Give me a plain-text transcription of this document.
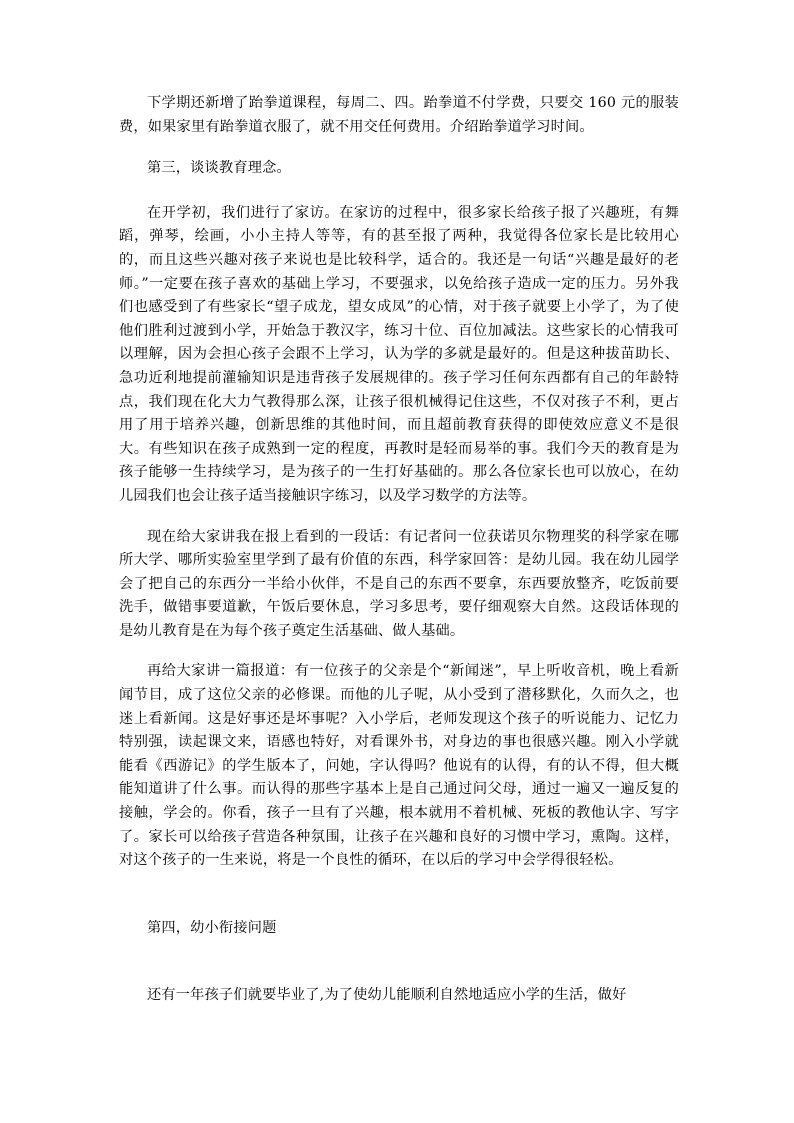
下学期还新增了跆拳道课程，每周二、四。跆拳道不付学费，只要交 160 元的服装费，如果家里有跆拳道衣服了，就不用交任何费用。介绍跆拳道学习时间。

第三，谈谈教育理念。

在开学初，我们进行了家访。在家访的过程中，很多家长给孩子报了兴趣班，有舞蹈，弹琴，绘画，小小主持人等等，有的甚至报了两种，我觉得各位家长是比较用心的，而且这些兴趣对孩子来说也是比较科学，适合的。我还是一句话“兴趣是最好的老师。”一定要在孩子喜欢的基础上学习，不要强求，以免给孩子造成一定的压力。另外我们也感受到了有些家长“望子成龙，望女成凤”的心情，对于孩子就要上小学了，为了使他们胜利过渡到小学，开始急于教汉字，练习十位、百位加减法。这些家长的心情我可以理解，因为会担心孩子会跟不上学习，认为学的多就是最好的。但是这种拔苗助长、急功近利地提前灌输知识是违背孩子发展规律的。孩子学习任何东西都有自己的年龄特点，我们现在化大力气教得那么深，让孩子很机械得记住这些，不仅对孩子不利，更占用了用于培养兴趣，创新思维的其他时间，而且超前教育获得的即使效应意义不是很大。有些知识在孩子成熟到一定的程度，再教时是轻而易举的事。我们今天的教育是为孩子能够一生持续学习，是为孩子的一生打好基础的。那么各位家长也可以放心，在幼儿园我们也会让孩子适当接触识字练习，以及学习数学的方法等。

现在给大家讲我在报上看到的一段话：有记者问一位获诺贝尔物理奖的科学家在哪所大学、哪所实验室里学到了最有价值的东西，科学家回答：是幼儿园。我在幼儿园学会了把自己的东西分一半给小伙伴，不是自己的东西不要拿，东西要放整齐，吃饭前要洗手，做错事要道歉，午饭后要休息，学习多思考，要仔细观察大自然。这段话体现的是幼儿教育是在为每个孩子奠定生活基础、做人基础。

再给大家讲一篇报道：有一位孩子的父亲是个“新闻迷”，早上听收音机，晚上看新闻节目，成了这位父亲的必修课。而他的儿子呢，从小受到了潜移默化，久而久之，也迷上看新闻。这是好事还是坏事呢？入小学后，老师发现这个孩子的听说能力、记忆力特别强，读起课文来，语感也特好，对看课外书，对身边的事也很感兴趣。刚入小学就能看《西游记》的学生版本了，问她，字认得吗？他说有的认得，有的认不得，但大概能知道讲了什么事。而认得的那些字基本上是自己通过问父母，通过一遍又一遍反复的接触，学会的。你看，孩子一旦有了兴趣，根本就用不着机械、死板的教他认字、写字了。家长可以给孩子营造各种氛围，让孩子在兴趣和良好的习惯中学习，熏陶。这样，对这个孩子的一生来说，将是一个良性的循环，在以后的学习中会学得很轻松。

第四，幼小衔接问题

还有一年孩子们就要毕业了,为了使幼儿能顺利自然地适应小学的生活，做好
